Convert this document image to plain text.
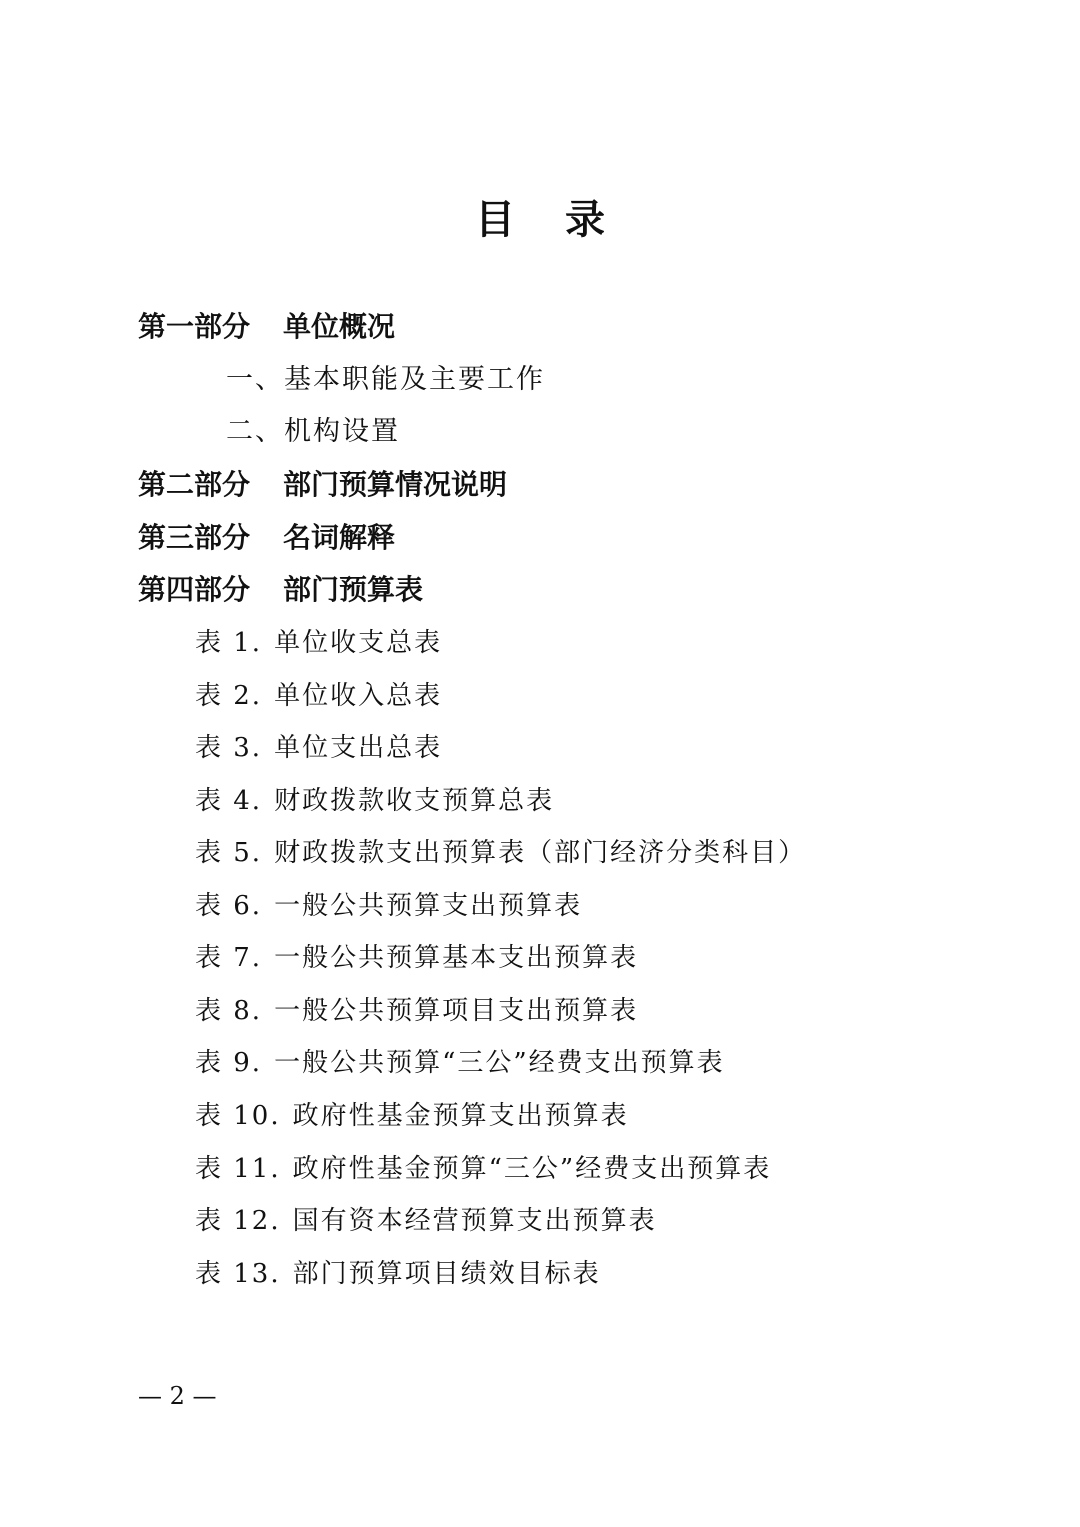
目 录
第一部分 单位概况
一、基本职能及主要工作
二、机构设置
第二部分 部门预算情况说明
第三部分 名词解释
第四部分 部门预算表
表 1. 单位收支总表
表 2. 单位收入总表
表 3. 单位支出总表
表 4. 财政拨款收支预算总表
表 5. 财政拨款支出预算表（部门经济分类科目）
表 6. 一般公共预算支出预算表
表 7. 一般公共预算基本支出预算表
表 8. 一般公共预算项目支出预算表
表 9. 一般公共预算“三公”经费支出预算表
表 10. 政府性基金预算支出预算表
表 11. 政府性基金预算“三公”经费支出预算表
表 12. 国有资本经营预算支出预算表
表 13. 部门预算项目绩效目标表
— 2 —
